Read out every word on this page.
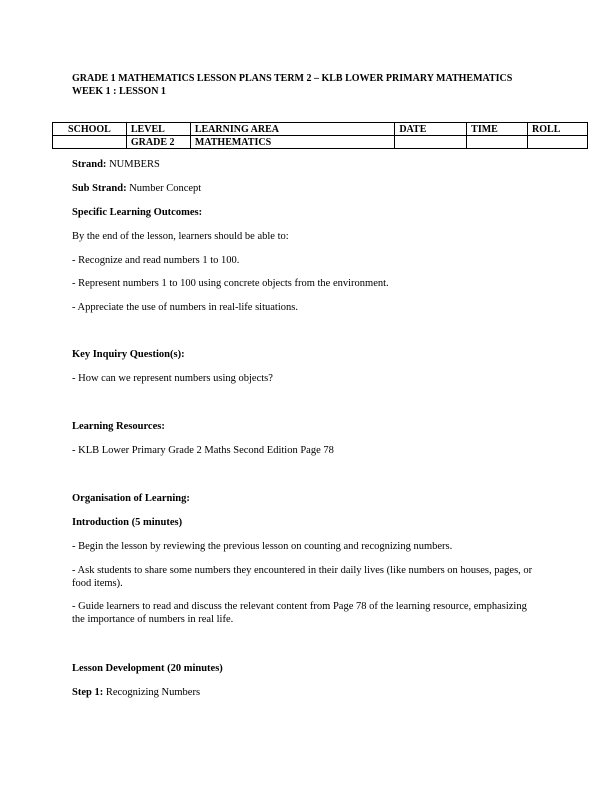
GRADE 1 MATHEMATICS LESSON PLANS TERM 2 – KLB LOWER PRIMARY MATHEMATICS
WEEK 1 : LESSON 1
SCHOOL	LEVEL	LEARNING AREA	DATE	TIME	ROLL
	GRADE 2	MATHEMATICS			

Strand: NUMBERS

Sub Strand: Number Concept

Specific Learning Outcomes:

By the end of the lesson, learners should be able to:

- Recognize and read numbers 1 to 100.

- Represent numbers 1 to 100 using concrete objects from the environment.

- Appreciate the use of numbers in real-life situations.

Key Inquiry Question(s):

- How can we represent numbers using objects?

Learning Resources:

- KLB Lower Primary Grade 2 Maths Second Edition Page 78

Organisation of Learning:

Introduction (5 minutes)

- Begin the lesson by reviewing the previous lesson on counting and recognizing numbers.

- Ask students to share some numbers they encountered in their daily lives (like numbers on houses, pages, or food items).

- Guide learners to read and discuss the relevant content from Page 78 of the learning resource, emphasizing the importance of numbers in real life.

Lesson Development (20 minutes)

Step 1: Recognizing Numbers
